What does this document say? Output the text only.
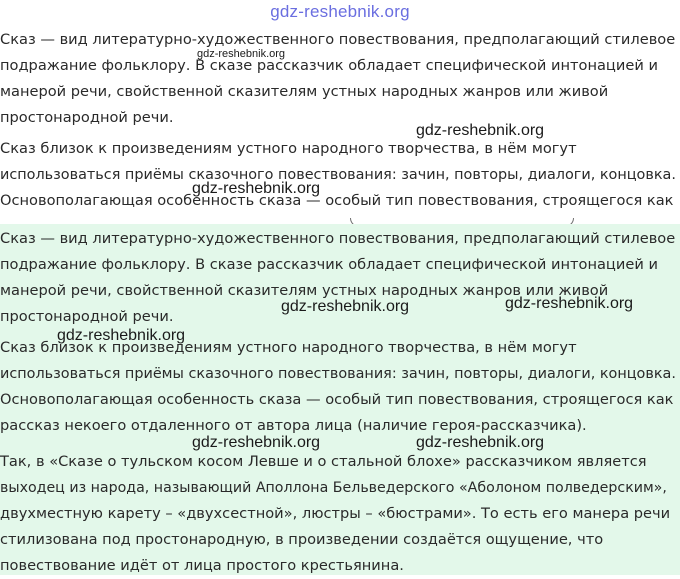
gdz-reshebnik.org

Сказ — вид литературно-художественного повествования, предполагающий стилевое
подражание фольклору. В сказе рассказчик обладает специфической интонацией и
манерой речи, свойственной сказителям устных народных жанров или живой
простонародной речи.

Сказ близок к произведениям устного народного творчества, в нём могут
использоваться приёмы сказочного повествования: зачин, повторы, диалоги, концовка.
Основополагающая особенность сказа — особый тип повествования, строящегося как

Сказ — вид литературно-художественного повествования, предполагающий стилевое
подражание фольклору. В сказе рассказчик обладает специфической интонацией и
манерой речи, свойственной сказителям устных народных жанров или живой
простонародной речи.

Сказ близок к произведениям устного народного творчества, в нём могут
использоваться приёмы сказочного повествования: зачин, повторы, диалоги, концовка.
Основополагающая особенность сказа — особый тип повествования, строящегося как
рассказ некоего отдаленного от автора лица (наличие героя-рассказчика).

Так, в «Сказе о тульском косом Левше и о стальной блохе» рассказчиком является
выходец из народа, называющий Аполлона Бельведерского «Аболоном полведерским»,
двухместную карету – «двухсестной», люстры – «бюстрами». То есть его манера речи
стилизована под простонародную, в произведении создаётся ощущение, что
повествование идёт от лица простого крестьянина.

gdz-reshebnik.org
gdz-reshebnik.org
gdz-reshebnik.org
gdz-reshebnik.org	gdz-reshebnik.org
gdz-reshebnik.org
gdz-reshebnik.org	gdz-reshebnik.org
